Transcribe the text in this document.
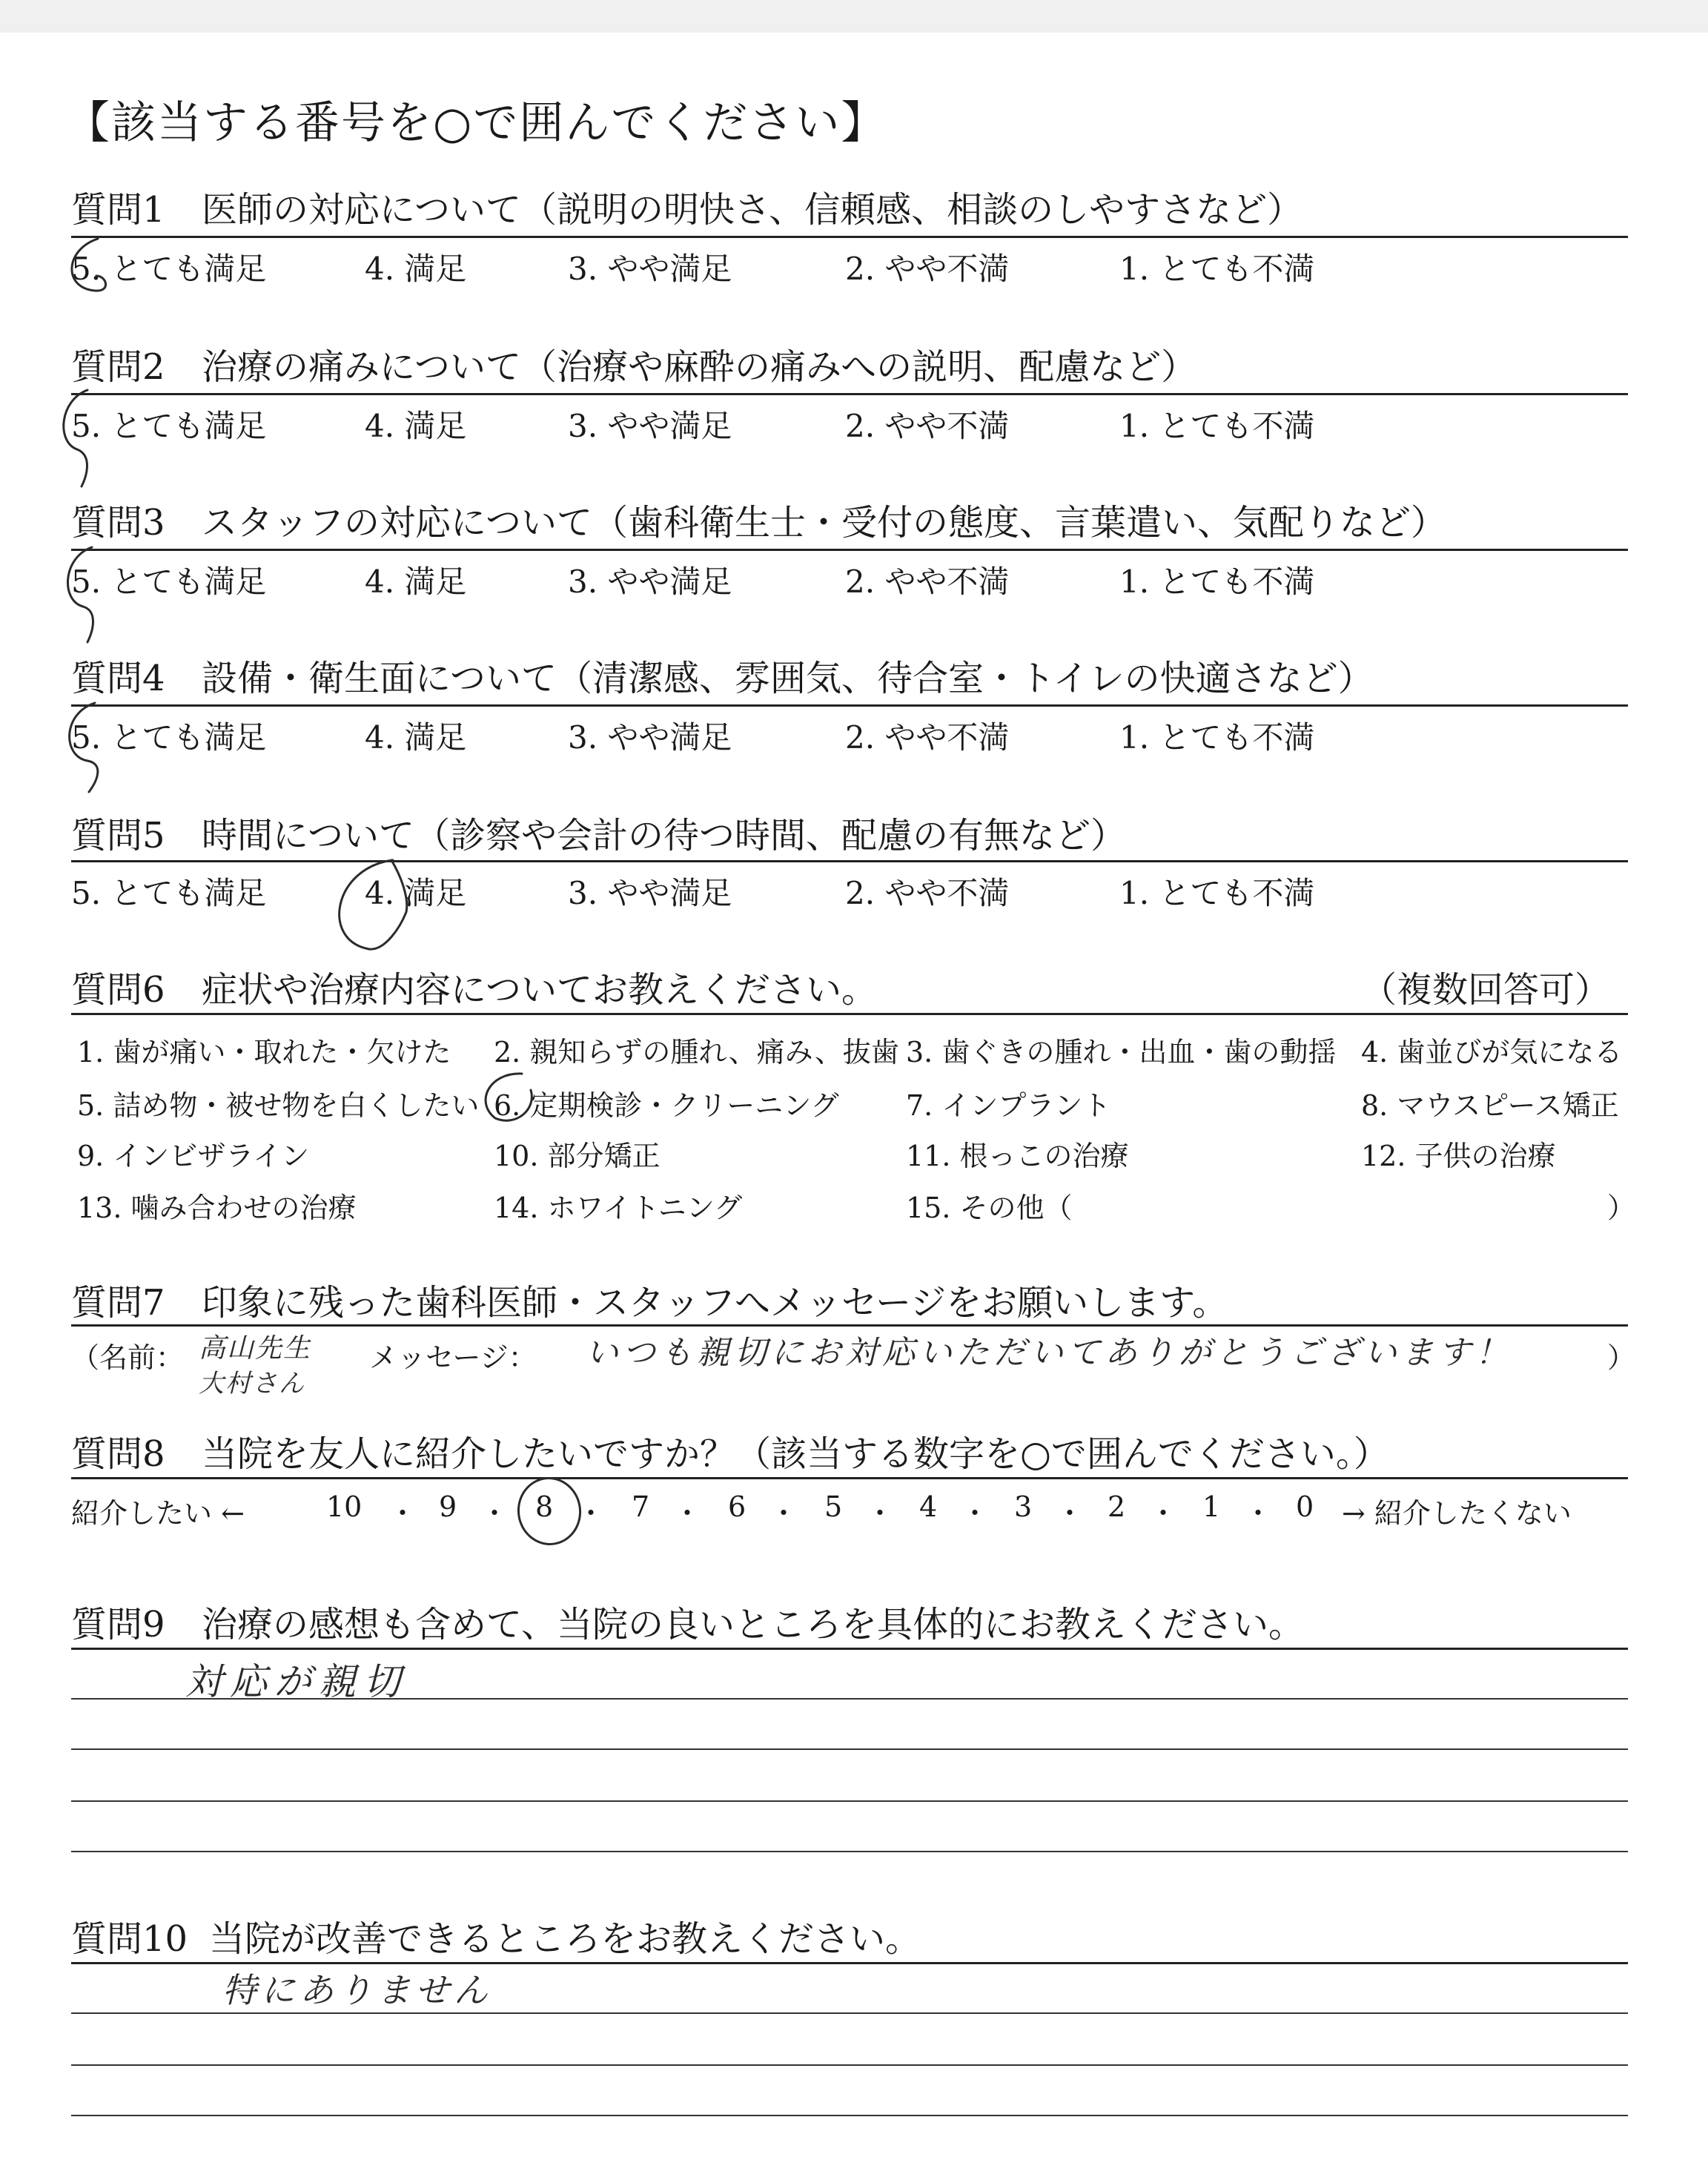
【該当する番号を○で囲んでください】
質問1 医師の対応について（説明の明快さ、信頼感、相談のしやすさなど）
5. とても満足	4. 満足	3. やや満足	2. やや不満	1. とても不満
質問2 治療の痛みについて（治療や麻酔の痛みへの説明、配慮など）
5. とても満足	4. 満足	3. やや満足	2. やや不満	1. とても不満
質問3 スタッフの対応について（歯科衛生士・受付の態度、言葉遣い、気配りなど）
5. とても満足	4. 満足	3. やや満足	2. やや不満	1. とても不満
質問4 設備・衛生面について（清潔感、雰囲気、待合室・トイレの快適さなど）
5. とても満足	4. 満足	3. やや満足	2. やや不満	1. とても不満
質問5 時間について（診察や会計の待つ時間、配慮の有無など）
5. とても満足	4. 満足	3. やや満足	2. やや不満	1. とても不満
質問6 症状や治療内容についてお教えください。	（複数回答可）
1. 歯が痛い・取れた・欠けた 2. 親知らずの腫れ、痛み、抜歯 3. 歯ぐきの腫れ・出血・歯の動揺 4. 歯並びが気になる
5. 詰め物・被せ物を白くしたい 6. 定期検診・クリーニング 7. インプラント	8. マウスピース矯正
9. インビザライン	10. 部分矯正	11. 根っこの治療	12. 子供の治療
13. 噛み合わせの治療	14. ホワイトニング	15. その他（	）
質問7 印象に残った歯科医師・スタッフへメッセージをお願いします。
（名前： 高山先生
大村さん
メッセージ： いつも親切にお対応いただいてありがとうございます！	）
質問8 当院を友人に紹介したいですか？（該当する数字を○で囲んでください。）
紹介したい ←	10 ・ 9 ・ 8 ・ 7 ・ 6 ・ 5 ・ 4 ・ 3 ・ 2 ・ 1 ・ 0 → 紹介したくない
質問9 治療の感想も含めて、当院の良いところを具体的にお教えください。
対応が親切
質問10 当院が改善できるところをお教えください。
特にありません
